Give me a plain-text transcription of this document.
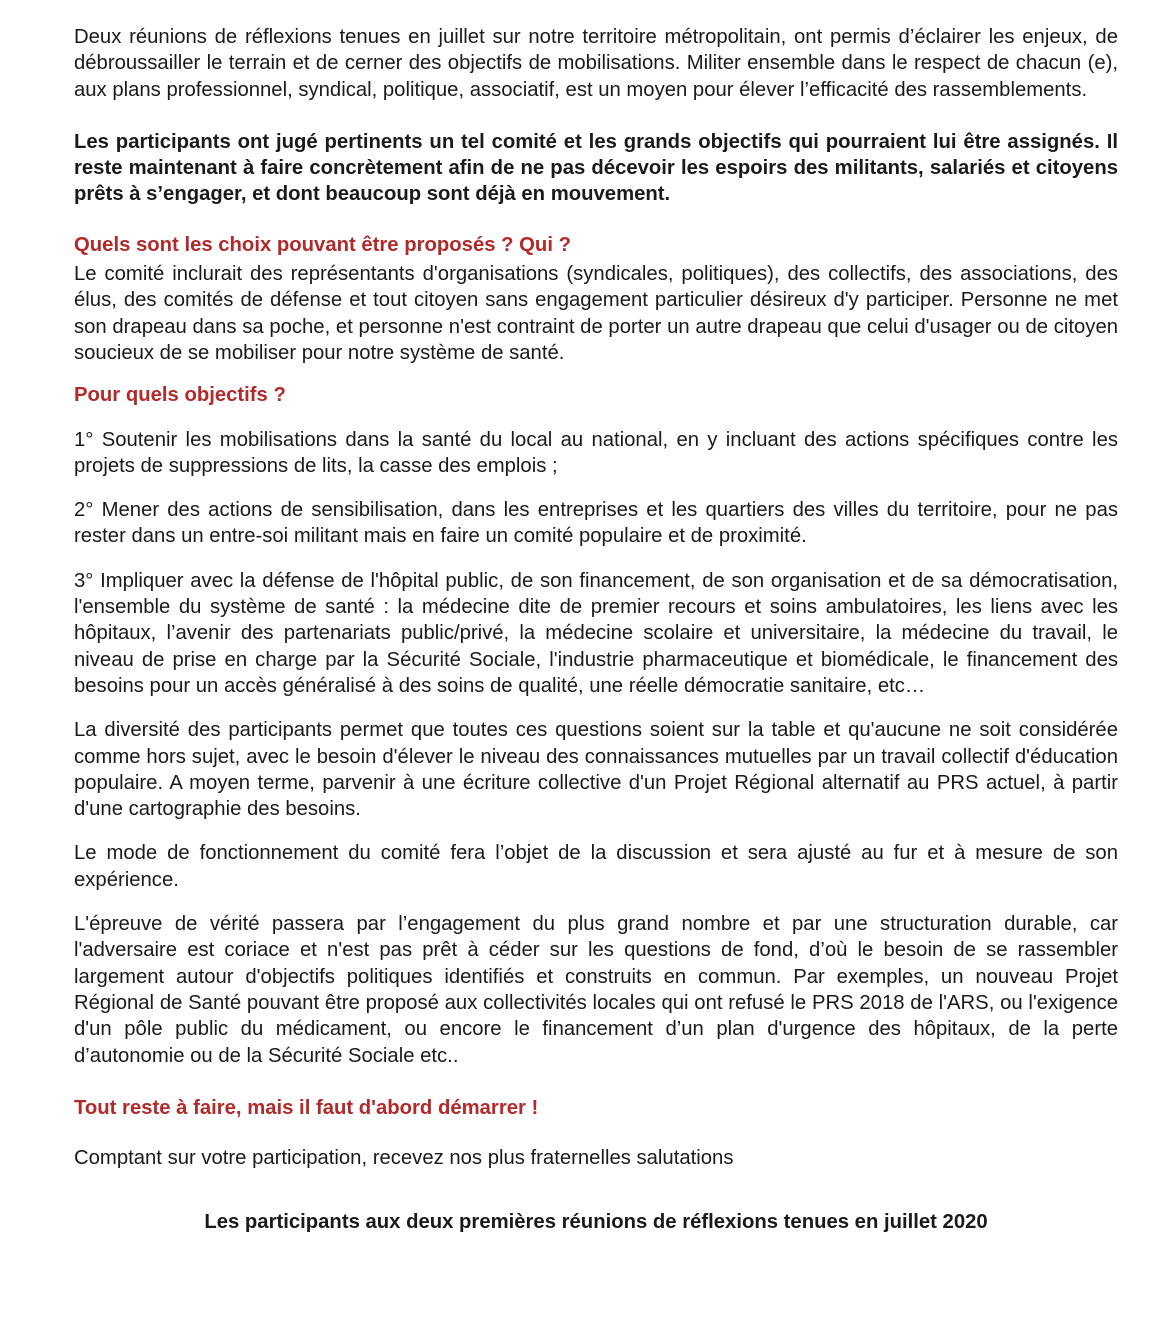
Deux réunions de réflexions tenues en juillet sur notre territoire métropolitain, ont permis d’éclairer les enjeux, de débroussailler le terrain et de cerner des objectifs de mobilisations. Militer ensemble dans le respect de chacun (e), aux plans professionnel, syndical, politique, associatif, est un moyen pour élever l’efficacité des rassemblements.

Les participants ont jugé pertinents un tel comité et les grands objectifs qui pourraient lui être assignés. Il reste maintenant à faire concrètement afin de ne pas décevoir les espoirs des militants, salariés et citoyens prêts à s’engager, et dont beaucoup sont déjà en mouvement.

Quels sont les choix pouvant être proposés ? Qui ?

Le comité inclurait des représentants d'organisations (syndicales, politiques), des collectifs, des associations, des élus, des comités de défense et tout citoyen sans engagement particulier désireux d'y participer. Personne ne met son drapeau dans sa poche, et personne n'est contraint de porter un autre drapeau que celui d'usager ou de citoyen soucieux de se mobiliser pour notre système de santé.

Pour quels objectifs ?

1° Soutenir les mobilisations dans la santé du local au national, en y incluant des actions spécifiques contre les projets de suppressions de lits, la casse des emplois ;

2° Mener des actions de sensibilisation, dans les entreprises et les quartiers des villes du territoire, pour ne pas rester dans un entre-soi militant mais en faire un comité populaire et de proximité.

3° Impliquer avec la défense de l'hôpital public, de son financement, de son organisation et de sa démocratisation, l'ensemble du système de santé : la médecine dite de premier recours et soins ambulatoires, les liens avec les hôpitaux, l’avenir des partenariats public/privé, la médecine scolaire et universitaire, la médecine du travail, le niveau de prise en charge par la Sécurité Sociale, l'industrie pharmaceutique et biomédicale, le financement des besoins pour un accès généralisé à des soins de qualité, une réelle démocratie sanitaire, etc…

La diversité des participants permet que toutes ces questions soient sur la table et qu'aucune ne soit considérée comme hors sujet, avec le besoin d'élever le niveau des connaissances mutuelles par un travail collectif d'éducation populaire. A moyen terme, parvenir à une écriture collective d'un Projet Régional alternatif au PRS actuel, à partir d'une cartographie des besoins.

Le mode de fonctionnement du comité fera l’objet de la discussion et sera ajusté au fur et à mesure de son expérience.

L'épreuve de vérité passera par l’engagement du plus grand nombre et par une structuration durable, car l'adversaire est coriace et n'est pas prêt à céder sur les questions de fond, d’où le besoin de se rassembler largement autour d'objectifs politiques identifiés et construits en commun. Par exemples, un nouveau Projet Régional de Santé pouvant être proposé aux collectivités locales qui ont refusé le PRS 2018 de l'ARS, ou l'exigence d'un pôle public du médicament, ou encore le financement d’un plan d'urgence des hôpitaux, de la perte d’autonomie ou de la Sécurité Sociale etc..

Tout reste à faire, mais il faut d'abord démarrer !

Comptant sur votre participation, recevez nos plus fraternelles salutations

Les participants aux deux premières réunions de réflexions tenues en juillet 2020
